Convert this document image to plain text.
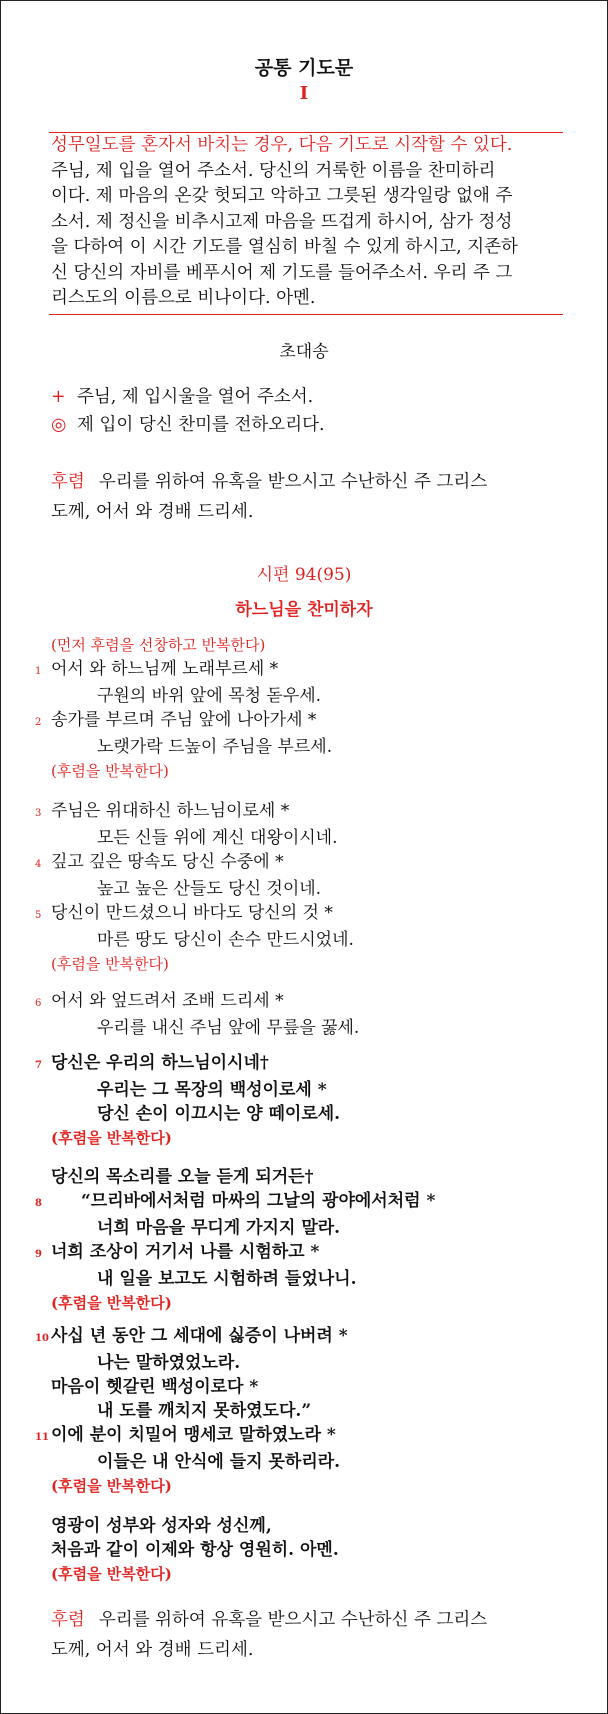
공통 기도문
I

성무일도를 혼자서 바치는 경우, 다음 기도로 시작할 수 있다.

주님, 제 입을 열어 주소서. 당신의 거룩한 이름을 찬미하리

이다. 제 마음의 온갖 헛되고 악하고 그릇된 생각일랑 없애 주

소서. 제 정신을 비추시고제 마음을 뜨겁게 하시어, 삼가 정성

을 다하여 이 시간 기도를 열심히 바칠 수 있게 하시고, 지존하

신 당신의 자비를 베푸시어 제 기도를 들어주소서. 우리 주 그

리스도의 이름으로 비나이다. 아멘.

초대송

+ 주님, 제 입시울을 열어 주소서.

◎ 제 입이 당신 찬미를 전하오리다.

후렴 우리를 위하여 유혹을 받으시고 수난하신 주 그리스
도께, 어서 와 경배 드리세.
시편 94(95)
하느님을 찬미하자
(먼저 후렴을 선창하고 반복한다)
1 어서 와 하느님께 노래부르세 *
구원의 바위 앞에 목청 돋우세.
2 송가를 부르며 주님 앞에 나아가세 *
노랫가락 드높이 주님을 부르세.
(후렴을 반복한다)
3 주님은 위대하신 하느님이로세 *
모든 신들 위에 계신 대왕이시네.
4 깊고 깊은 땅속도 당신 수중에 *
높고 높은 산들도 당신 것이네.
5 당신이 만드셨으니 바다도 당신의 것 *
마른 땅도 당신이 손수 만드시었네.
(후렴을 반복한다)
6 어서 와 엎드려서 조배 드리세 *
우리를 내신 주님 앞에 무릎을 꿇세.
7 당신은 우리의 하느님이시네†
우리는 그 목장의 백성이로세 *
당신 손이 이끄시는 양 떼이로세.
(후렴을 반복한다)
당신의 목소리를 오늘 듣게 되거든†
8	“므리바에서처럼 마싸의 그날의 광야에서처럼 *
너희 마음을 무디게 가지지 말라.
9 너희 조상이 거기서 나를 시험하고 *
내 일을 보고도 시험하려 들었나니.
(후렴을 반복한다)
10 사십 년 동안 그 세대에 싫증이 나버려 *
나는 말하였었노라.
마음이 헷갈린 백성이로다 *
내 도를 깨치지 못하였도다.”
11 이에 분이 치밀어 맹세코 말하였노라 *
이들은 내 안식에 들지 못하리라.
(후렴을 반복한다)
영광이 성부와 성자와 성신께,
처음과 같이 이제와 항상 영원히. 아멘.
(후렴을 반복한다)
후렴 우리를 위하여 유혹을 받으시고 수난하신 주 그리스
도께, 어서 와 경배 드리세.
